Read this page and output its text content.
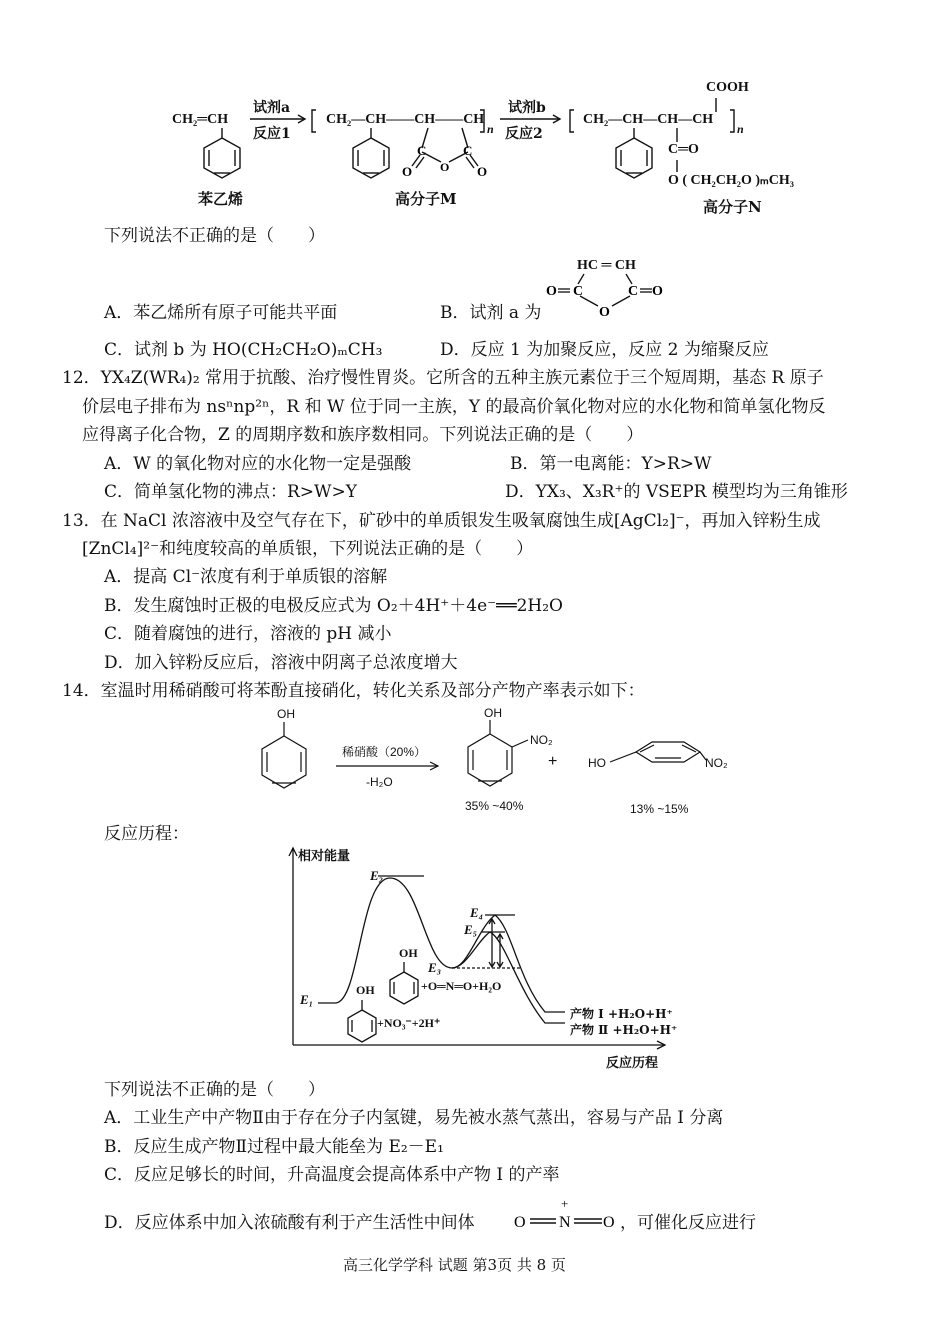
CH₂═CH
试剂a
反应1
试剂b
反应2
CH₂—CH——CH——CH
n
CH₂—CH—CH—CH
n
COOH
C═O
O ( CH₂CH₂O )ₘCH₃
苯乙烯	高分子M	高分子N
C	C
O
O	O
下列说法不正确的是（　　）
A．苯乙烯所有原子可能共平面	B．试剂 a 为
HC ═ CH
O C	C O
O
C．试剂 b 为 HO(CH₂CH₂O)ₘCH₃	D．反应 1 为加聚反应，反应 2 为缩聚反应
12．YX₄Z(WR₄)₂ 常用于抗酸、治疗慢性胃炎。它所含的五种主族元素位于三个短周期，基态 R 原子
价层电子排布为 nsⁿnp²ⁿ，R 和 W 位于同一主族，Y 的最高价氧化物对应的水化物和简单氢化物反
应得离子化合物，Z 的周期序数和族序数相同。下列说法正确的是（　　）
A．W 的氧化物对应的水化物一定是强酸	B．第一电离能：Y>R>W
C．简单氢化物的沸点：R>W>Y	D．YX₃、X₃R⁺的 VSEPR 模型均为三角锥形
13．在 NaCl 浓溶液中及空气存在下，矿砂中的单质银发生吸氧腐蚀生成[AgCl₂]⁻，再加入锌粉生成
[ZnCl₄]²⁻和纯度较高的单质银，下列说法正确的是（　　）
A．提高 Cl⁻浓度有利于单质银的溶解
B．发生腐蚀时正极的电极反应式为 O₂＋4H⁺＋4e⁻══2H₂O
C．随着腐蚀的进行，溶液的 pH 减小
D．加入锌粉反应后，溶液中阴离子总浓度增大
14．室温时用稀硝酸可将苯酚直接硝化，转化关系及部分产物产率表示如下：
OH
稀硝酸（20%）
-H₂O
OH
NO₂
+	HO	NO₂
35% ~40%	13% ~15%
反应历程：
相对能量
反应历程
E₂
E₄
E₅
E₃
E₁
OH
+NO₃⁻+2H⁺
OH
+O═N═O+H₂O
产物 Ⅰ +H₂O+H⁺
产物 Ⅱ +H₂O+H⁺
下列说法不正确的是（　　）
A．工业生产中产物Ⅱ由于存在分子内氢键，易先被水蒸气蒸出，容易与产品 Ⅰ 分离
B．反应生成产物Ⅱ过程中最大能垒为 E₂－E₁
C．反应足够长的时间，升高温度会提高体系中产物 Ⅰ 的产率
D．反应体系中加入浓硫酸有利于产生活性中间体 O N O
+
，可催化反应进行
高三化学学科 试题 第3页 共 8 页
